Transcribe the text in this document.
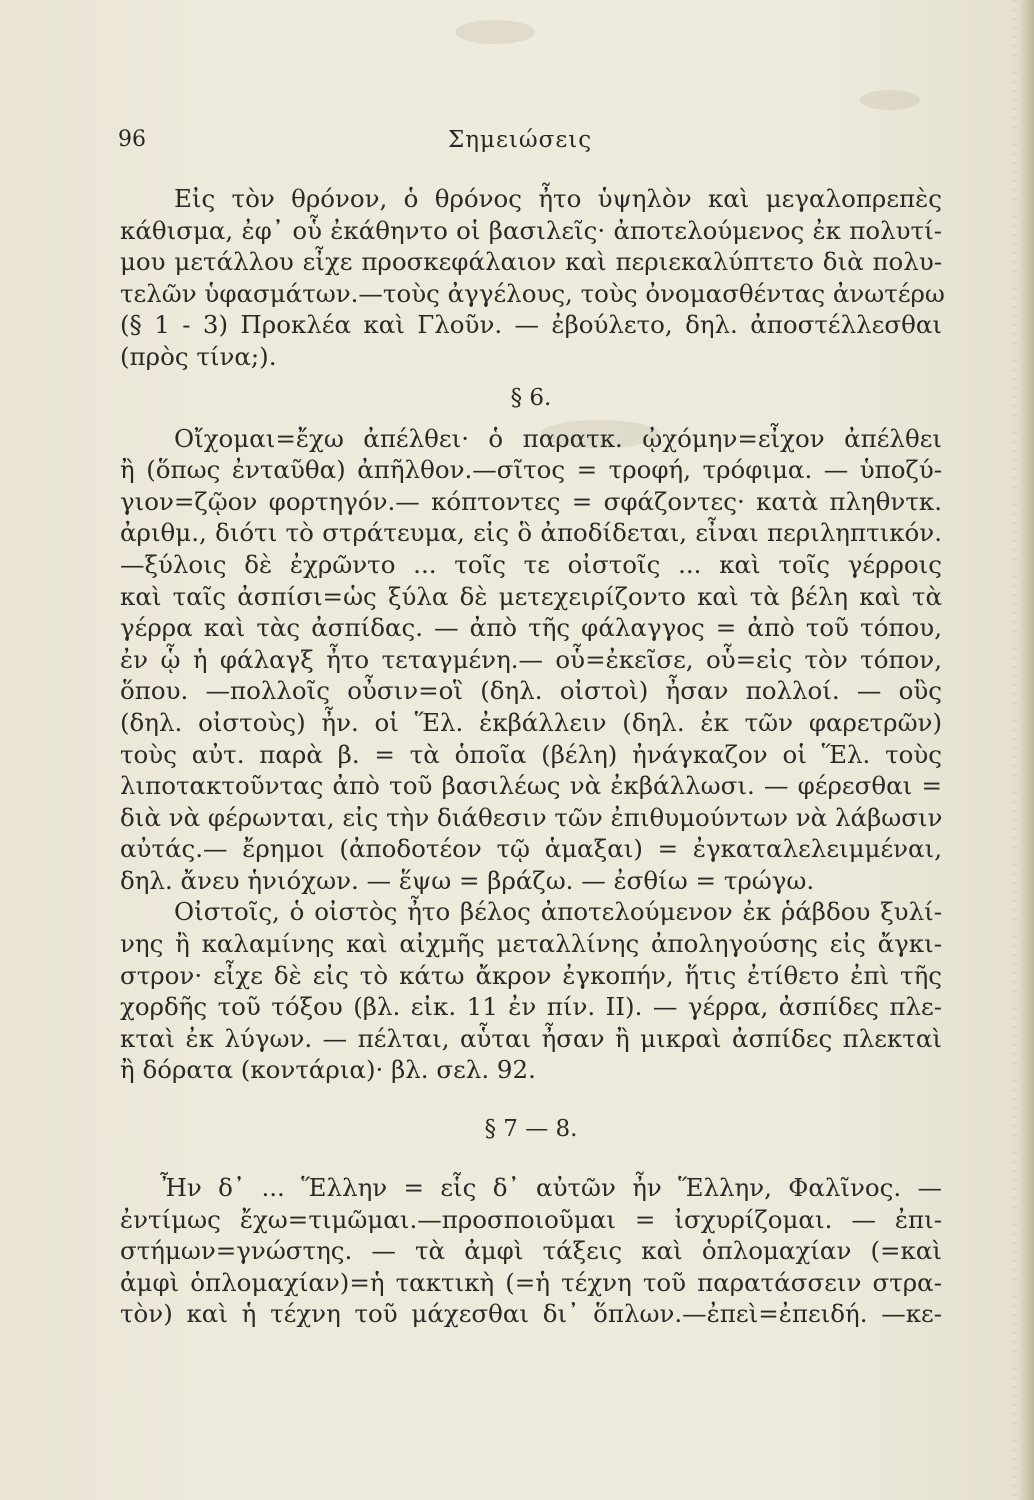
96	Σημειώσεις
Εἰς τὸν θρόνον, ὁ θρόνος ἦτο ὑψηλὸν καὶ μεγαλοπρεπὲς
κάθισμα, ἐφ᾽ οὗ ἐκάθηντο οἱ βασιλεῖς· ἀποτελούμενος ἐκ πολυτί-
μου μετάλλου εἶχε προσκεφάλαιον καὶ περιεκαλύπτετο διὰ πολυ-
τελῶν ὑφασμάτων.—τοὺς ἀγγέλους, τοὺς ὀνομασθέντας ἀνωτέρω
(§ 1 - 3) Προκλέα καὶ Γλοῦν. — ἐβούλετο, δηλ. ἀποστέλλεσθαι
(πρὸς τίνα;).
§ 6.
Οἴχομαι=ἔχω ἀπέλθει· ὁ παρατκ. ᾠχόμην=εἶχον ἀπέλθει
ἢ (ὅπως ἐνταῦθα) ἀπῆλθον.—σῖτος = τροφή, τρόφιμα. — ὑποζύ-
γιον=ζῷον φορτηγόν.— κόπτοντες = σφάζοντες· κατὰ πληθντκ.
ἀριθμ., διότι τὸ στράτευμα, εἰς ὃ ἀποδίδεται, εἶναι περιληπτικόν.
—ξύλοις δὲ ἐχρῶντο ... τοῖς τε οἰστοῖς ... καὶ τοῖς γέρροις
καὶ ταῖς ἀσπίσι=ὡς ξύλα δὲ μετεχειρίζοντο καὶ τὰ βέλη καὶ τὰ
γέρρα καὶ τὰς ἀσπίδας. — ἀπὸ τῆς φάλαγγος = ἀπὸ τοῦ τόπου,
ἐν ᾧ ἡ φάλαγξ ἦτο τεταγμένη.— οὗ=ἐκεῖσε, οὗ=εἰς τὸν τόπον,
ὅπου. —πολλοῖς οὖσιν=οἳ (δηλ. οἰστοὶ) ἦσαν πολλοί. — οὓς
(δηλ. οἰστοὺς) ἦν. οἱ Ἕλ. ἐκβάλλειν (δηλ. ἐκ τῶν φαρετρῶν)
τοὺς αὐτ. παρὰ β. = τὰ ὁποῖα (βέλη) ἠνάγκαζον οἱ Ἕλ. τοὺς
λιποτακτοῦντας ἀπὸ τοῦ βασιλέως νὰ ἐκβάλλωσι. — φέρεσθαι =
διὰ νὰ φέρωνται, εἰς τὴν διάθεσιν τῶν ἐπιθυμούντων νὰ λάβωσιν
αὐτάς.— ἔρημοι (ἀποδοτέον τῷ ἁμαξαι) = ἐγκαταλελειμμέναι,
δηλ. ἄνευ ἡνιόχων. — ἕψω = βράζω. — ἐσθίω = τρώγω.
Οἰστοῖς, ὁ οἰστὸς ἦτο βέλος ἀποτελούμενον ἐκ ῥάβδου ξυλί-
νης ἢ καλαμίνης καὶ αἰχμῆς μεταλλίνης ἀποληγούσης εἰς ἄγκι-
στρον· εἶχε δὲ εἰς τὸ κάτω ἄκρον ἐγκοπήν, ἥτις ἐτίθετο ἐπὶ τῆς
χορδῆς τοῦ τόξου (βλ. εἰκ. 11 ἐν πίν. II). — γέρρα, ἀσπίδες πλε-
κταὶ ἐκ λύγων. — πέλται, αὗται ἦσαν ἢ μικραὶ ἀσπίδες πλεκταὶ
ἢ δόρατα (κοντάρια)· βλ. σελ. 92.
§ 7 — 8.
Ἦν δ᾽ ... Ἕλλην = εἷς δ᾽ αὐτῶν ἦν Ἕλλην, Φαλῖνος. —
ἐντίμως ἔχω=τιμῶμαι.—προσποιοῦμαι = ἰσχυρίζομαι. — ἐπι-
στήμων=γνώστης. — τὰ ἀμφὶ τάξεις καὶ ὁπλομαχίαν (=καὶ
ἀμφὶ ὁπλομαχίαν)=ἡ τακτικὴ (=ἡ τέχνη τοῦ παρατάσσειν στρα-
τὸν) καὶ ἡ τέχνη τοῦ μάχεσθαι δι᾽ ὅπλων.—ἐπεὶ=ἐπειδή. —κε-
